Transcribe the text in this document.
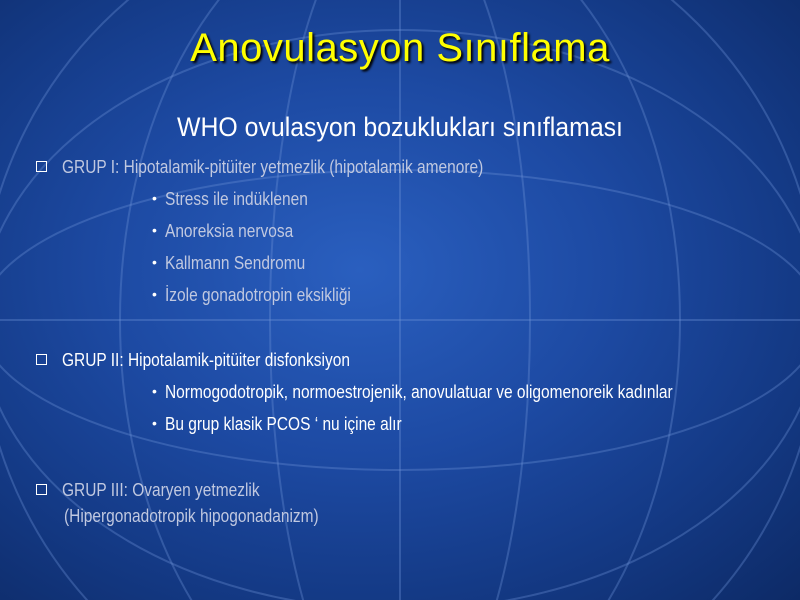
Anovulasyon Sınıflama
WHO ovulasyon bozuklukları sınıflaması
GRUP I: Hipotalamik-pitüiter yetmezlik (hipotalamik amenore)
• Stress ile indüklenen
• Anoreksia nervosa
• Kallmann Sendromu
• İzole gonadotropin eksikliği
GRUP II: Hipotalamik-pitüiter disfonksiyon
• Normogodotropik, normoestrojenik, anovulatuar ve oligomenoreik kadınlar
• Bu grup klasik PCOS ‘ nu içine alır
GRUP III: Ovaryen yetmezlik
(Hipergonadotropik hipogonadanizm)
